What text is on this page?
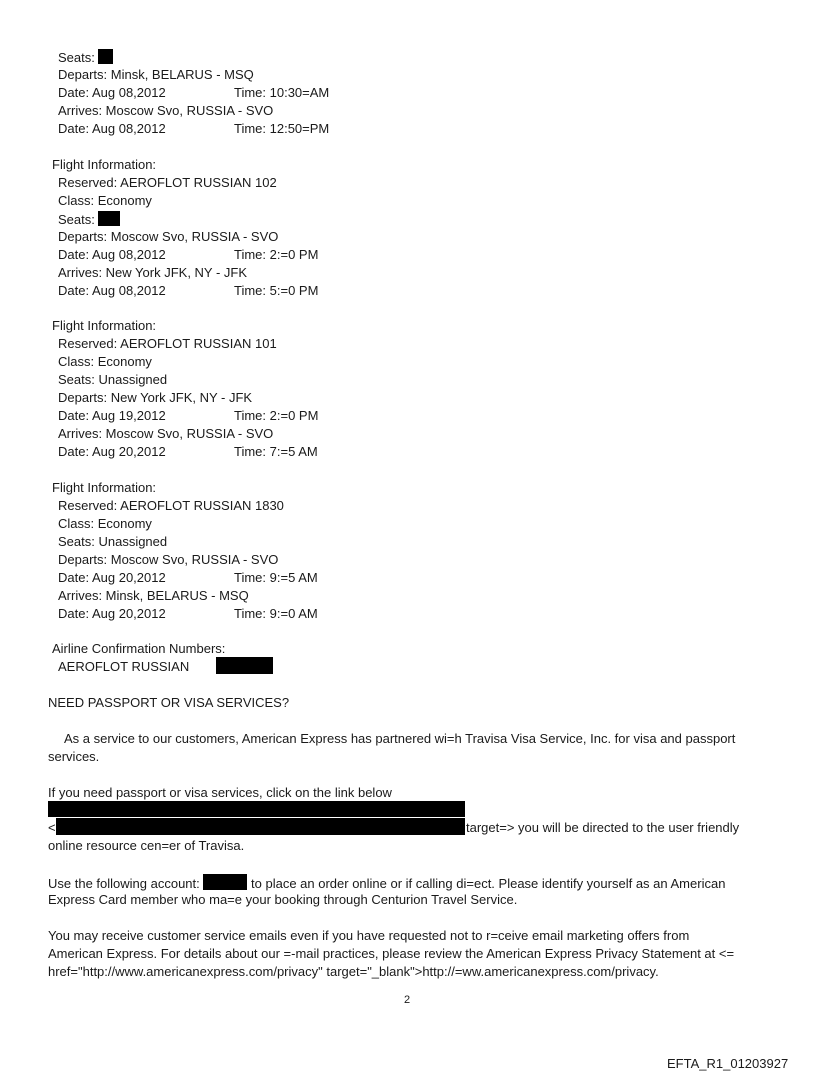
Seats:
Departs: Minsk, BELARUS - MSQ
Date: Aug 08,2012	Time: 10:30=AM
Arrives: Moscow Svo, RUSSIA - SVO
Date: Aug 08,2012	Time: 12:50=PM
Flight Information:
Reserved: AEROFLOT RUSSIAN 102
Class: Economy
Seats:
Departs: Moscow Svo, RUSSIA - SVO
Date: Aug 08,2012	Time: 2:=0 PM
Arrives: New York JFK, NY - JFK
Date: Aug 08,2012	Time: 5:=0 PM
Flight Information:
Reserved: AEROFLOT RUSSIAN 101
Class: Economy
Seats: Unassigned
Departs: New York JFK, NY - JFK
Date: Aug 19,2012	Time: 2:=0 PM
Arrives: Moscow Svo, RUSSIA - SVO
Date: Aug 20,2012	Time: 7:=5 AM
Flight Information:
Reserved: AEROFLOT RUSSIAN 1830
Class: Economy
Seats: Unassigned
Departs: Moscow Svo, RUSSIA - SVO
Date: Aug 20,2012	Time: 9:=5 AM
Arrives: Minsk, BELARUS - MSQ
Date: Aug 20,2012	Time: 9:=0 AM
Airline Confirmation Numbers:
AEROFLOT RUSSIAN
NEED PASSPORT OR VISA SERVICES?
As a service to our customers, American Express has partnered wi=h Travisa Visa Service, Inc. for visa and passport
services.
If you need passport or visa services, click on the link below
<	target=> you will be directed to the user friendly
online resource cen=er of Travisa.
Use the following account:	to place an order online or if calling di=ect. Please identify yourself as an American
Express Card member who ma=e your booking through Centurion Travel Service.
You may receive customer service emails even if you have requested not to r=ceive email marketing offers from
American Express. For details about our =-mail practices, please review the American Express Privacy Statement at <=
href="http://www.americanexpress.com/privacy" target="_blank">http://=ww.americanexpress.com/privacy.
2
EFTA_R1_01203927
